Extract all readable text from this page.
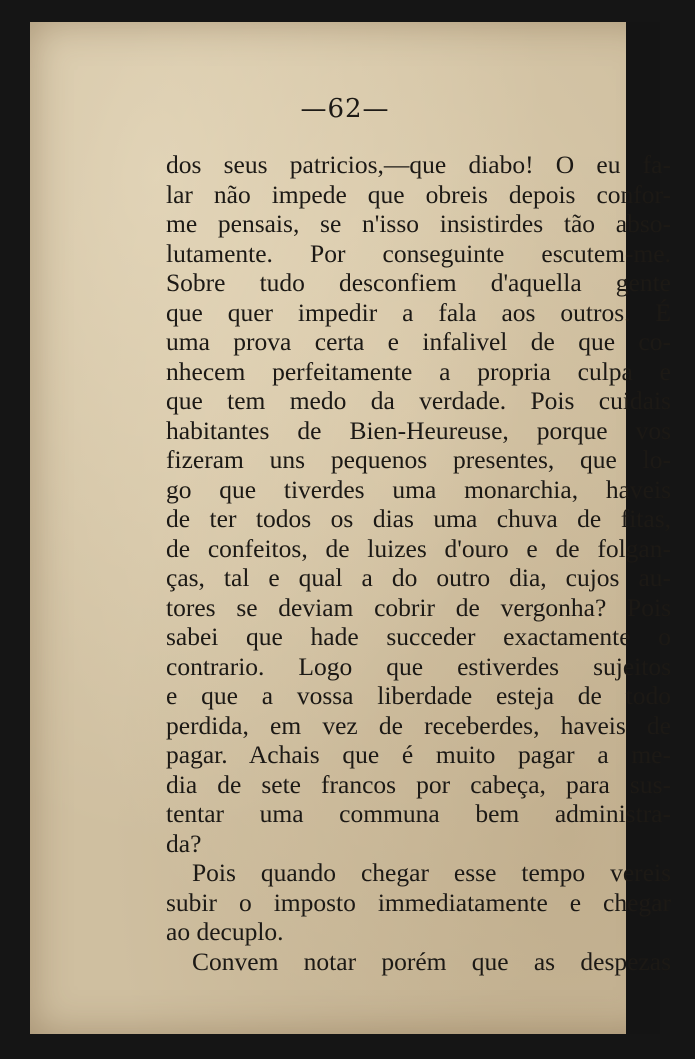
—62—
dos seus patricios,—que diabo! O eu fa-
lar não impede que obreis depois confor-
me pensais, se n'isso insistirdes tão abso-
lutamente. Por conseguinte escutem-me.
Sobre tudo desconfiem d'aquella gente
que quer impedir a fala aos outros. É
uma prova certa e infalivel de que co-
nhecem perfeitamente a propria culpa e
que tem medo da verdade. Pois cuidais
habitantes de Bien-Heureuse, porque vos
fizeram uns pequenos presentes, que lo-
go que tiverdes uma monarchia, haveis
de ter todos os dias uma chuva de fitas,
de confeitos, de luizes d'ouro e de folgan-
ças, tal e qual a do outro dia, cujos au-
tores se deviam cobrir de vergonha? Pois
sabei que hade succeder exactamente o
contrario. Logo que estiverdes sujeitos
e que a vossa liberdade esteja de todo
perdida, em vez de receberdes, haveis de
pagar. Achais que é muito pagar a me-
dia de sete francos por cabeça, para sus-
tentar uma communa bem administra-
da?
Pois quando chegar esse tempo vereis
subir o imposto immediatamente e chegar
ao decuplo.
Convem notar porém que as despezas
